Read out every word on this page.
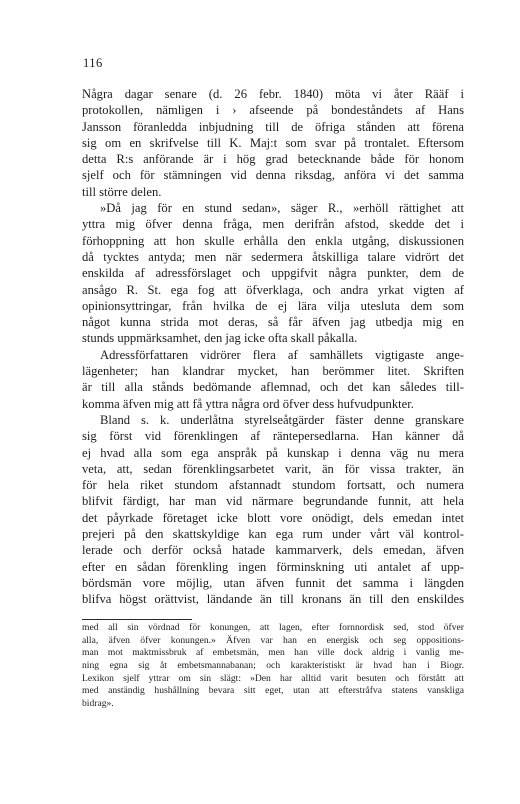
116
Några dagar senare (d. 26 febr. 1840) möta vi åter Rääf i
protokollen, nämligen i › afseende på bondeståndets af Hans
Jansson föranledda inbjudning till de öfriga stånden att förena
sig om en skrifvelse till K. Maj:t som svar på trontalet. Eftersom
detta R:s anförande är i hög grad betecknande både för honom
sjelf och för stämningen vid denna riksdag, anföra vi det samma
till större delen.
»Då jag för en stund sedan», säger R., »erhöll rättighet att
yttra mig öfver denna fråga, men derifrån afstod, skedde det i
förhoppning att hon skulle erhålla den enkla utgång, diskussionen
då tycktes antyda; men när sedermera åtskilliga talare vidrört det
enskilda af adressförslaget och uppgifvit några punkter, dem de
ansågo R. St. ega fog att öfverklaga, och andra yrkat vigten af
opinionsyttringar, från hvilka de ej lära vilja utesluta dem som
något kunna strida mot deras, så får äfven jag utbedja mig en
stunds uppmärksamhet, den jag icke ofta skall påkalla.
Adressförfattaren vidrörer flera af samhällets vigtigaste ange-
lägenheter; han klandrar mycket, han berömmer litet. Skriften
är till alla stånds bedömande aflemnad, och det kan således till-
komma äfven mig att få yttra några ord öfver dess hufvudpunkter.
Bland s. k. underlåtna styrelseåtgärder fäster denne granskare
sig först vid förenklingen af räntepersedlarna. Han känner då
ej hvad alla som ega anspråk på kunskap i denna väg nu mera
veta, att, sedan förenklingsarbetet varit, än för vissa trakter, än
för hela riket stundom afstannadt stundom fortsatt, och numera
blifvit färdigt, har man vid närmare begrundande funnit, att hela
det påyrkade företaget icke blott vore onödigt, dels emedan intet
prejeri på den skattskyldige kan ega rum under vårt väl kontrol-
lerade och derför också hatade kammarverk, dels emedan, äfven
efter en sådan förenkling ingen förminskning uti antalet af upp-
bördsmän vore möjlig, utan äfven funnit det samma i längden
blifva högst orättvist, ländande än till kronans än till den enskildes
med all sin vördnad för konungen, att lagen, efter fornnordisk sed, stod öfver
alla, äfven öfver konungen.» Äfven var han en energisk och seg oppositions-
man mot maktmissbruk af embetsmän, men han ville dock aldrig i vanlig me-
ning egna sig åt embetsmannabanan; och karakteristiskt är hvad han i Biogr.
Lexikon sjelf yttrar om sin slägt: »Den har alltid varit besuten och förstått att
med anständig hushållning bevara sitt eget, utan att efterstråfva statens vanskliga
bidrag».
